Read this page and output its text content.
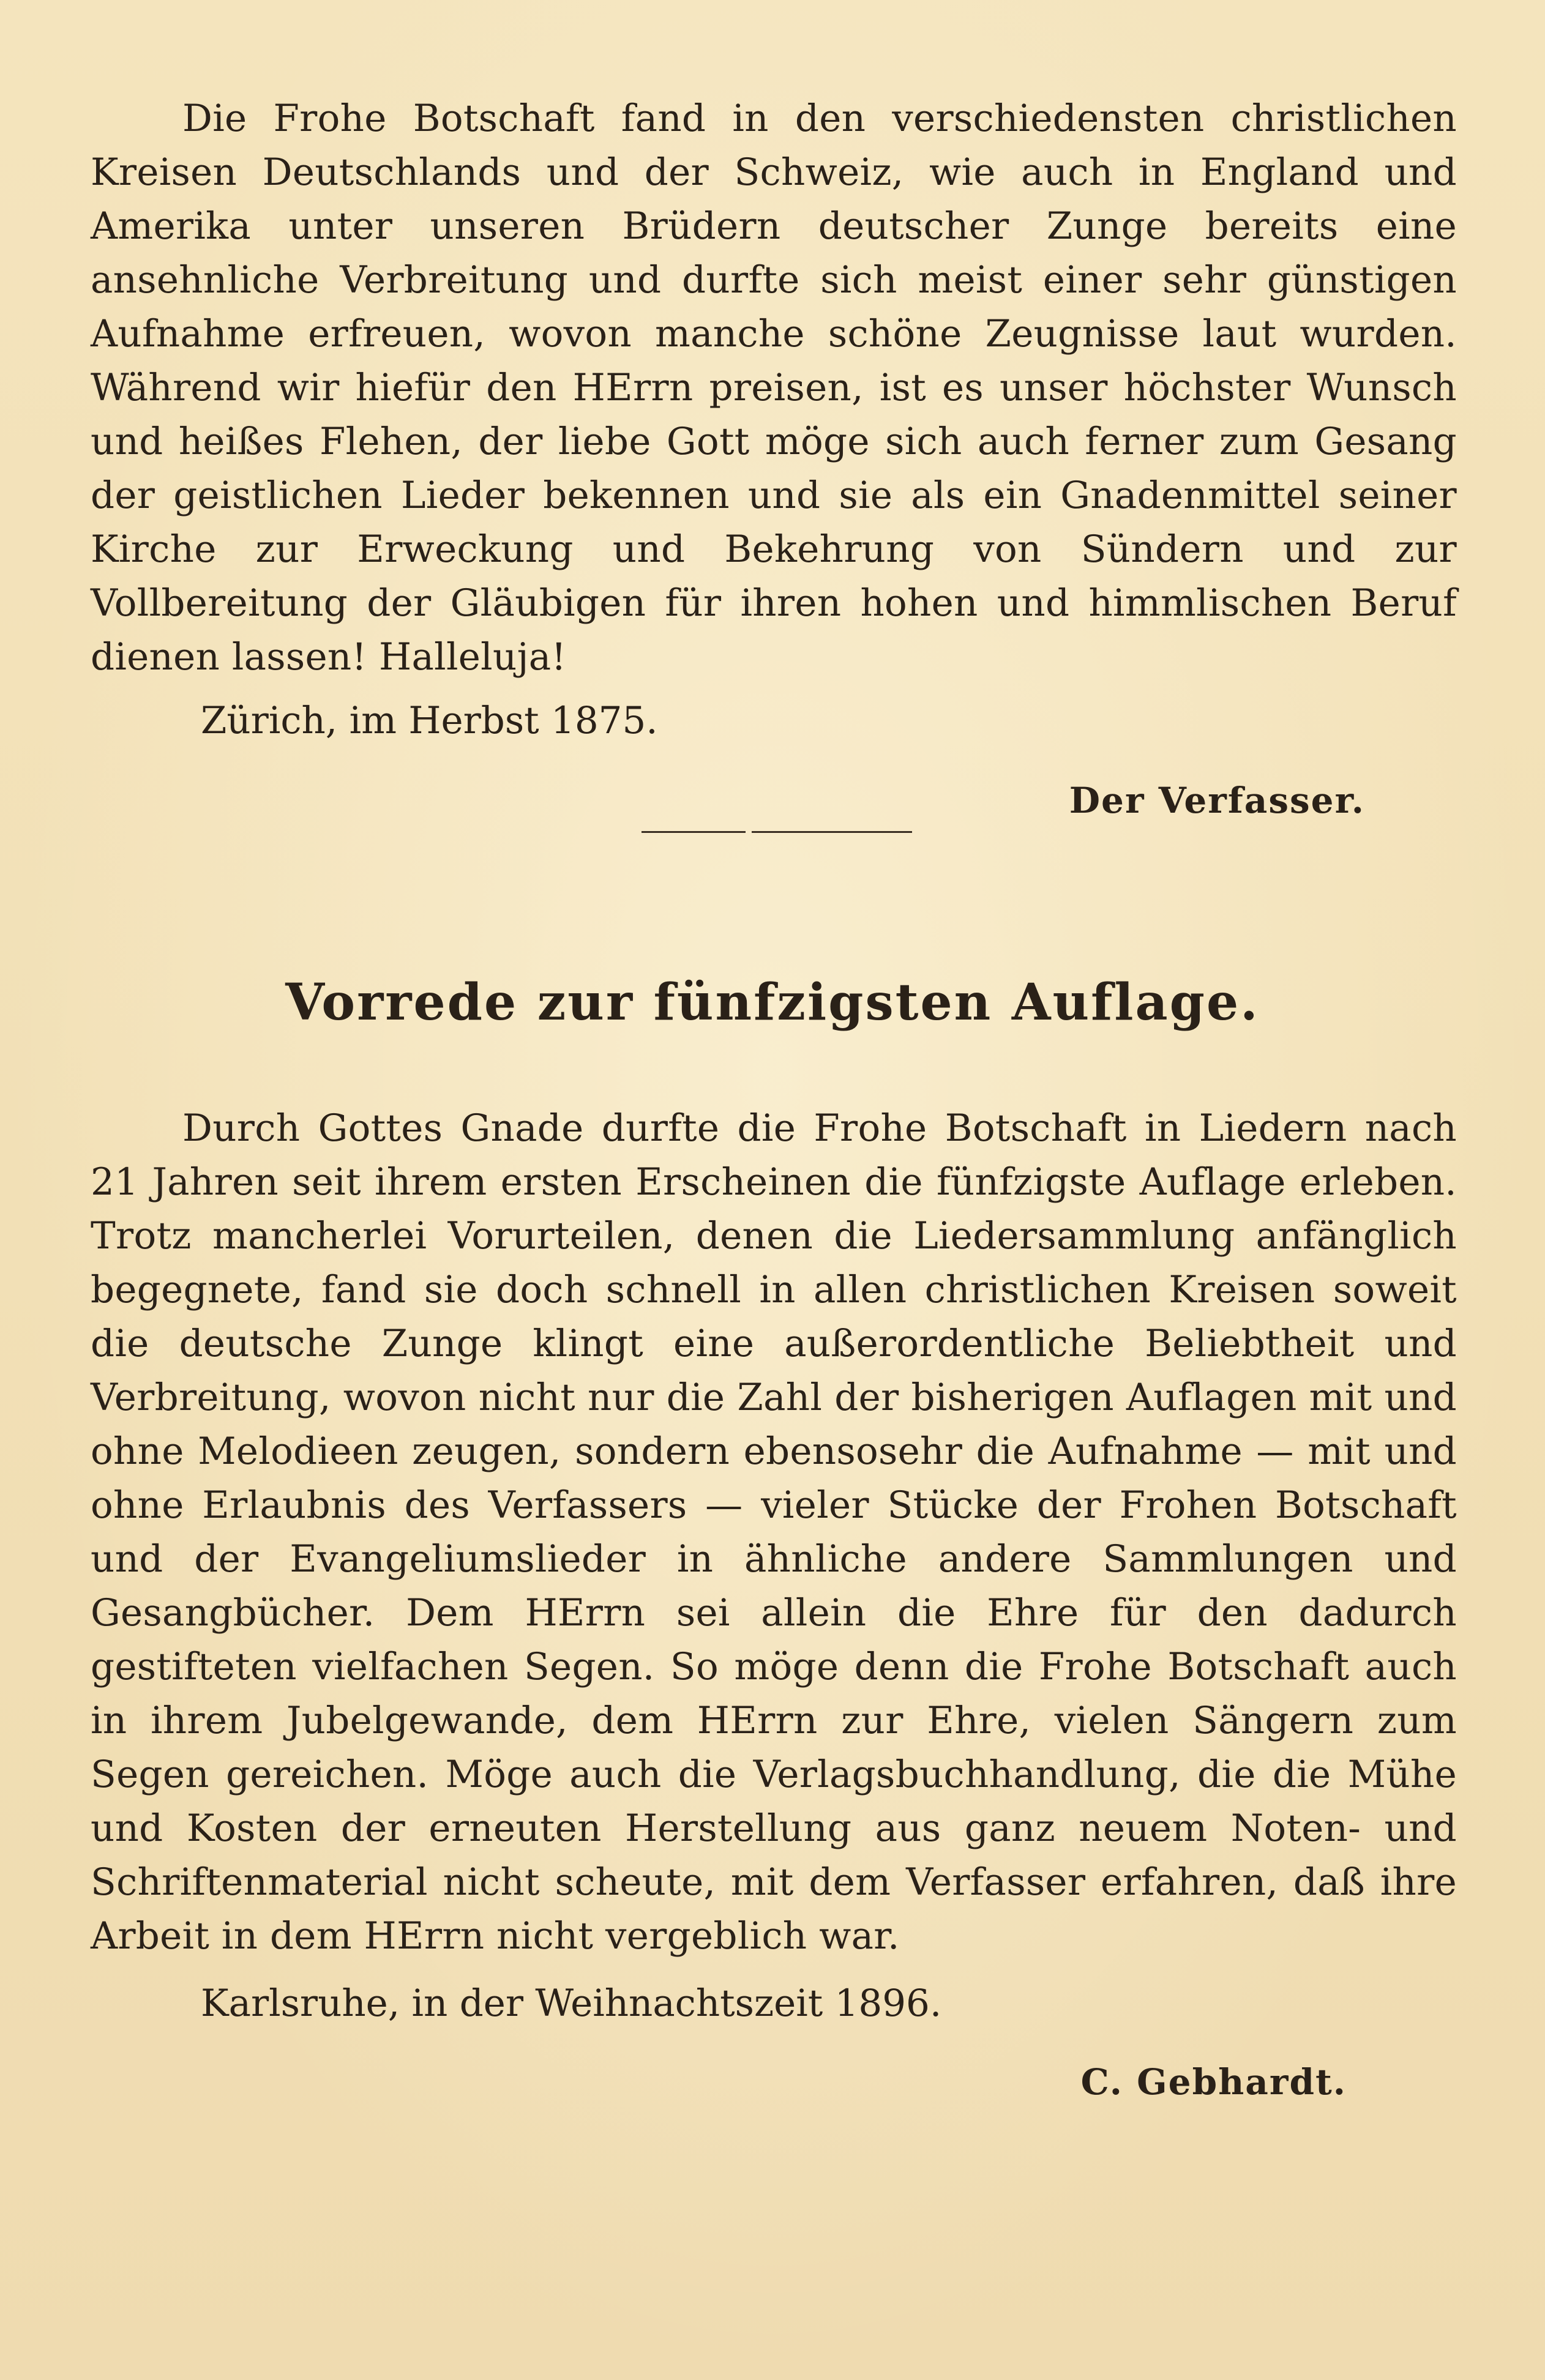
Die Frohe Botschaft fand in den verschiedensten christlichen Kreisen Deutschlands und der Schweiz, wie auch in England und Amerika unter unseren Brüdern deutscher Zunge bereits eine ansehnliche Verbreitung und durfte sich meist einer sehr günstigen Aufnahme erfreuen, wovon manche schöne Zeugnisse laut wurden. Während wir hiefür den HErrn preisen, ist es unser höchster Wunsch und heißes Flehen, der liebe Gott möge sich auch ferner zum Gesang der geistlichen Lieder bekennen und sie als ein Gnadenmittel seiner Kirche zur Erweckung und Bekehrung von Sündern und zur Vollbereitung der Gläubigen für ihren hohen und himmlischen Beruf dienen lassen! Halleluja!

Zürich, im Herbst 1875.

Der Verfasser.

Vorrede zur fünfzigsten Auflage.

Durch Gottes Gnade durfte die Frohe Botschaft in Liedern nach 21 Jahren seit ihrem ersten Erscheinen die fünfzigste Auflage erleben. Trotz mancherlei Vorurteilen, denen die Liedersammlung anfänglich begegnete, fand sie doch schnell in allen christlichen Kreisen soweit die deutsche Zunge klingt eine außerordentliche Beliebtheit und Verbreitung, wovon nicht nur die Zahl der bisherigen Auflagen mit und ohne Melodieen zeugen, sondern ebensosehr die Aufnahme — mit und ohne Erlaubnis des Verfassers — vieler Stücke der Frohen Botschaft und der Evangeliumslieder in ähnliche andere Sammlungen und Gesangbücher. Dem HErrn sei allein die Ehre für den dadurch gestifteten vielfachen Segen. So möge denn die Frohe Botschaft auch in ihrem Jubelgewande, dem HErrn zur Ehre, vielen Sängern zum Segen gereichen. Möge auch die Verlagsbuchhandlung, die die Mühe und Kosten der erneuten Herstellung aus ganz neuem Noten- und Schriftenmaterial nicht scheute, mit dem Verfasser erfahren, daß ihre Arbeit in dem HErrn nicht vergeblich war.

Karlsruhe, in der Weihnachtszeit 1896.

C. Gebhardt.
